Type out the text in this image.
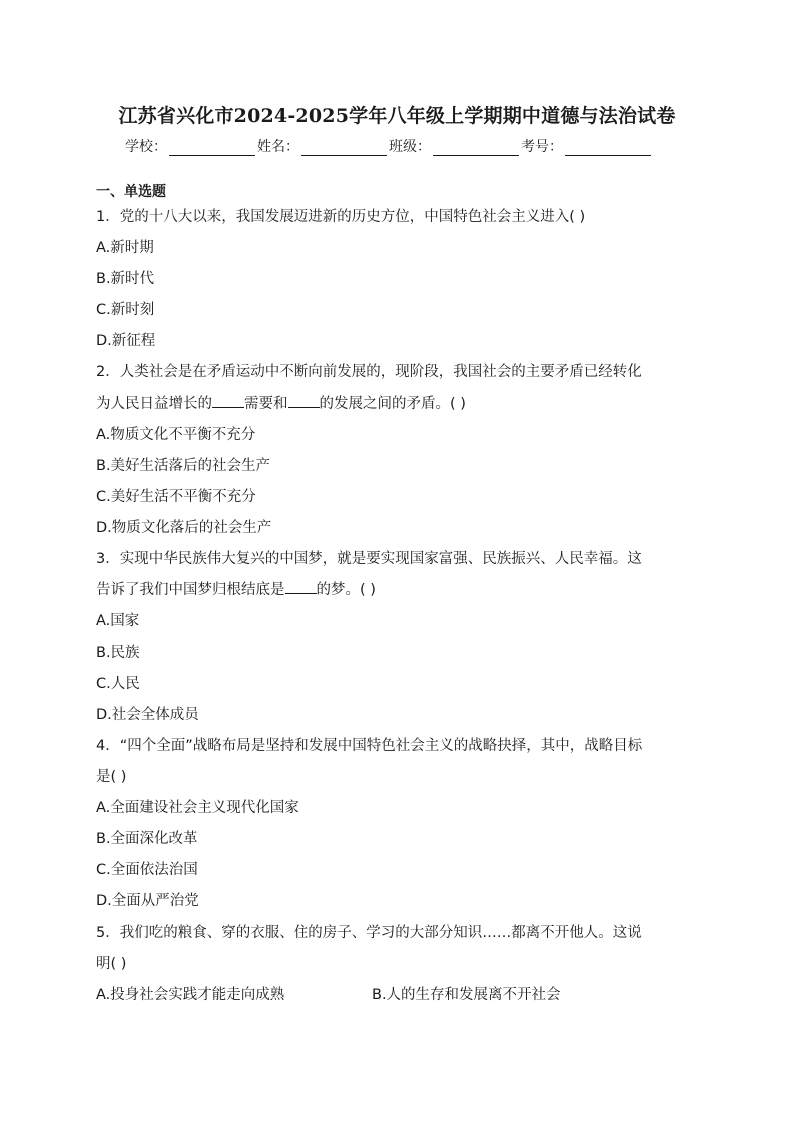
江苏省兴化市2024-2025学年八年级上学期期中道德与法治试卷
学校：	姓名：	班级：	考号：
一、单选题
1．党的十八大以来，我国发展迈进新的历史方位，中国特色社会主义进入( )
A.新时期
B.新时代
C.新时刻
D.新征程
2．人类社会是在矛盾运动中不断向前发展的，现阶段，我国社会的主要矛盾已经转化
为人民日益增长的 需要和 的发展之间的矛盾。( )
A.物质文化不平衡不充分
B.美好生活落后的社会生产
C.美好生活不平衡不充分
D.物质文化落后的社会生产
3．实现中华民族伟大复兴的中国梦，就是要实现国家富强、民族振兴、人民幸福。这
告诉了我们中国梦归根结底是 的梦。( )
A.国家
B.民族
C.人民
D.社会全体成员
4．“四个全面”战略布局是坚持和发展中国特色社会主义的战略抉择，其中，战略目标
是( )
A.全面建设社会主义现代化国家
B.全面深化改革
C.全面依法治国
D.全面从严治党
5．我们吃的粮食、穿的衣服、住的房子、学习的大部分知识……都离不开他人。这说
明( )
A.投身社会实践才能走向成熟	B.人的生存和发展离不开社会
